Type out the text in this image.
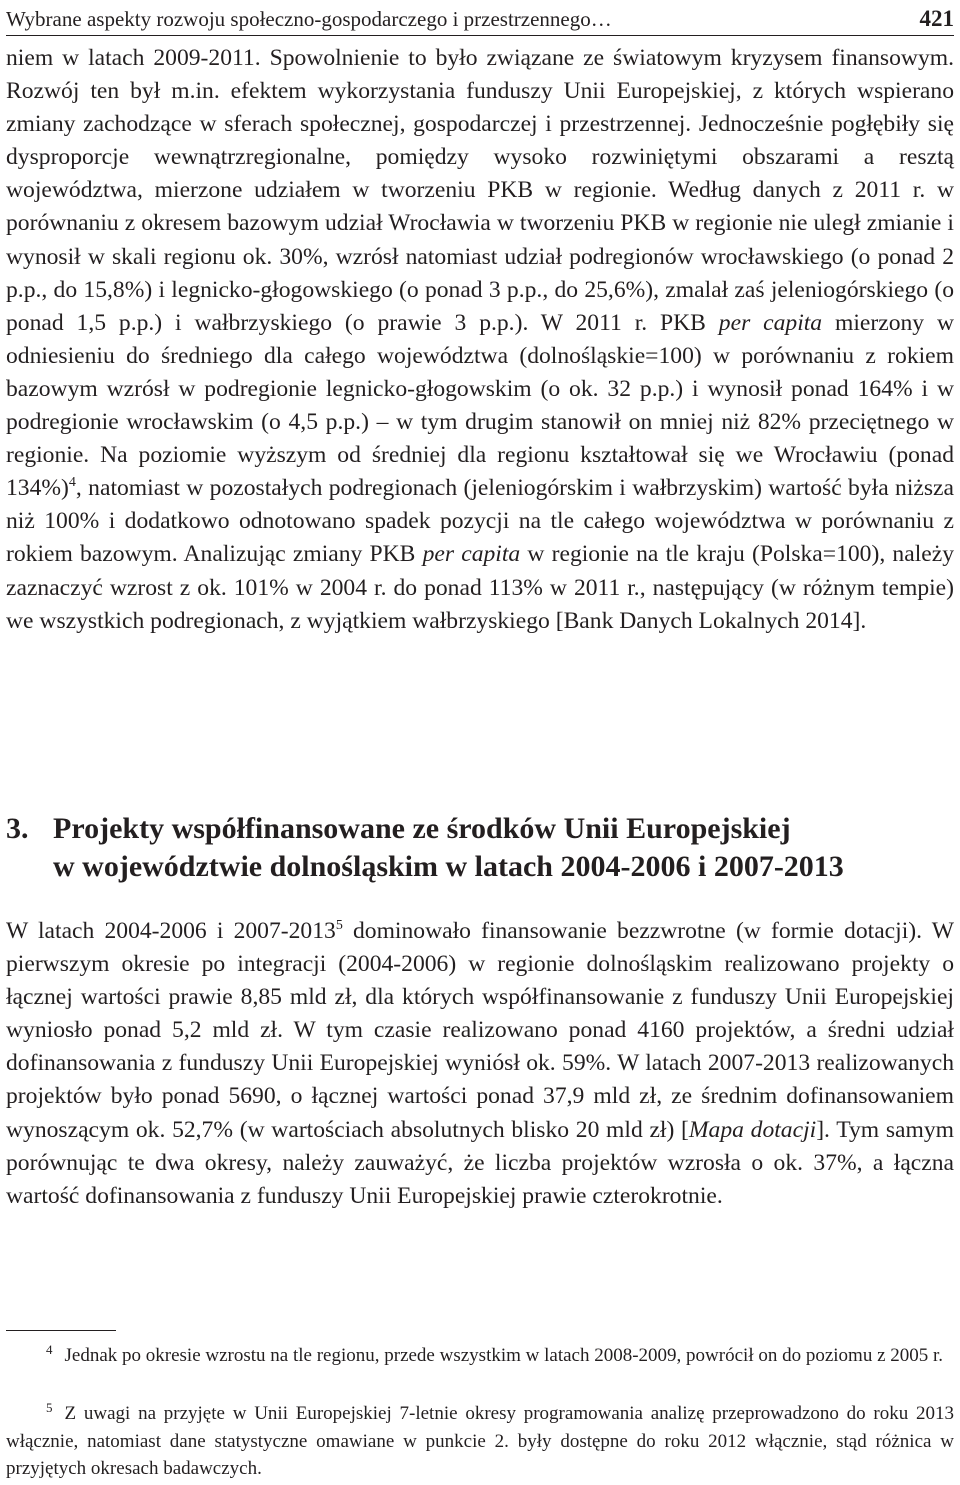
Wybrane aspekty rozwoju społeczno-gospodarczego i przestrzennego…	421

niem w latach 2009-2011. Spowolnienie to było związane ze światowym kryzysem finansowym. Rozwój ten był m.in. efektem wykorzystania funduszy Unii Europejskiej, z których wspierano zmiany zachodzące w sferach społecznej, gospodarczej i przestrzennej. Jednocześnie pogłębiły się dysproporcje wewnątrzregionalne, pomiędzy wysoko rozwiniętymi obszarami a resztą województwa, mierzone udziałem w tworzeniu PKB w regionie. Według danych z 2011 r. w porównaniu z okresem bazowym udział Wrocławia w tworzeniu PKB w regionie nie uległ zmianie i wynosił w skali regionu ok. 30%, wzrósł natomiast udział podregionów wrocławskiego (o ponad 2 p.p., do 15,8%) i legnicko-głogowskiego (o ponad 3 p.p., do 25,6%), zmalał zaś jeleniogórskiego (o ponad 1,5 p.p.) i wałbrzyskiego (o prawie 3 p.p.). W 2011 r. PKB per capita mierzony w odniesieniu do średniego dla całego województwa (dolnośląskie=100) w porównaniu z rokiem bazowym wzrósł w podregionie legnicko-głogowskim (o ok. 32 p.p.) i wynosił ponad 164% i w podregionie wrocławskim (o 4,5 p.p.) – w tym drugim stanowił on mniej niż 82% przeciętnego w regionie. Na poziomie wyższym od średniej dla regionu kształtował się we Wrocławiu (ponad 134%)$^4$, natomiast w pozostałych podregionach (jeleniogórskim i wałbrzyskim) wartość była niższa niż 100% i dodatkowo odnotowano spadek pozycji na tle całego województwa w porównaniu z rokiem bazowym. Analizując zmiany PKB per capita w regionie na tle kraju (Polska=100), należy zaznaczyć wzrost z ok. 101% w 2004 r. do ponad 113% w 2011 r., następujący (w różnym tempie) we wszystkich podregionach, z wyjątkiem wałbrzyskiego [Bank Danych Lokalnych 2014].

3. Projekty współfinansowane ze środków Unii Europejskiej
w województwie dolnośląskim w latach 2004-2006 i 2007-2013

W latach 2004-2006 i 2007-2013$^5$ dominowało finansowanie bezzwrotne (w formie dotacji). W pierwszym okresie po integracji (2004-2006) w regionie dolnośląskim realizowano projekty o łącznej wartości prawie 8,85 mld zł, dla których współfinansowanie z funduszy Unii Europejskiej wyniosło ponad 5,2 mld zł. W tym czasie realizowano ponad 4160 projektów, a średni udział dofinansowania z funduszy Unii Europejskiej wyniósł ok. 59%. W latach 2007-2013 realizowanych projektów było ponad 5690, o łącznej wartości ponad 37,9 mld zł, ze średnim dofinansowaniem wynoszącym ok. 52,7% (w wartościach absolutnych blisko 20 mld zł) [Mapa dotacji]. Tym samym porównując te dwa okresy, należy zauważyć, że liczba projektów wzrosła o ok. 37%, a łączna wartość dofinansowania z funduszy Unii Europejskiej prawie czterokrotnie.

$^4$ Jednak po okresie wzrostu na tle regionu, przede wszystkim w latach 2008-2009, powrócił on do poziomu z 2005 r.

$^5$ Z uwagi na przyjęte w Unii Europejskiej 7-letnie okresy programowania analizę przeprowadzono do roku 2013 włącznie, natomiast dane statystyczne omawiane w punkcie 2. były dostępne do roku 2012 włącznie, stąd różnica w przyjętych okresach badawczych.
